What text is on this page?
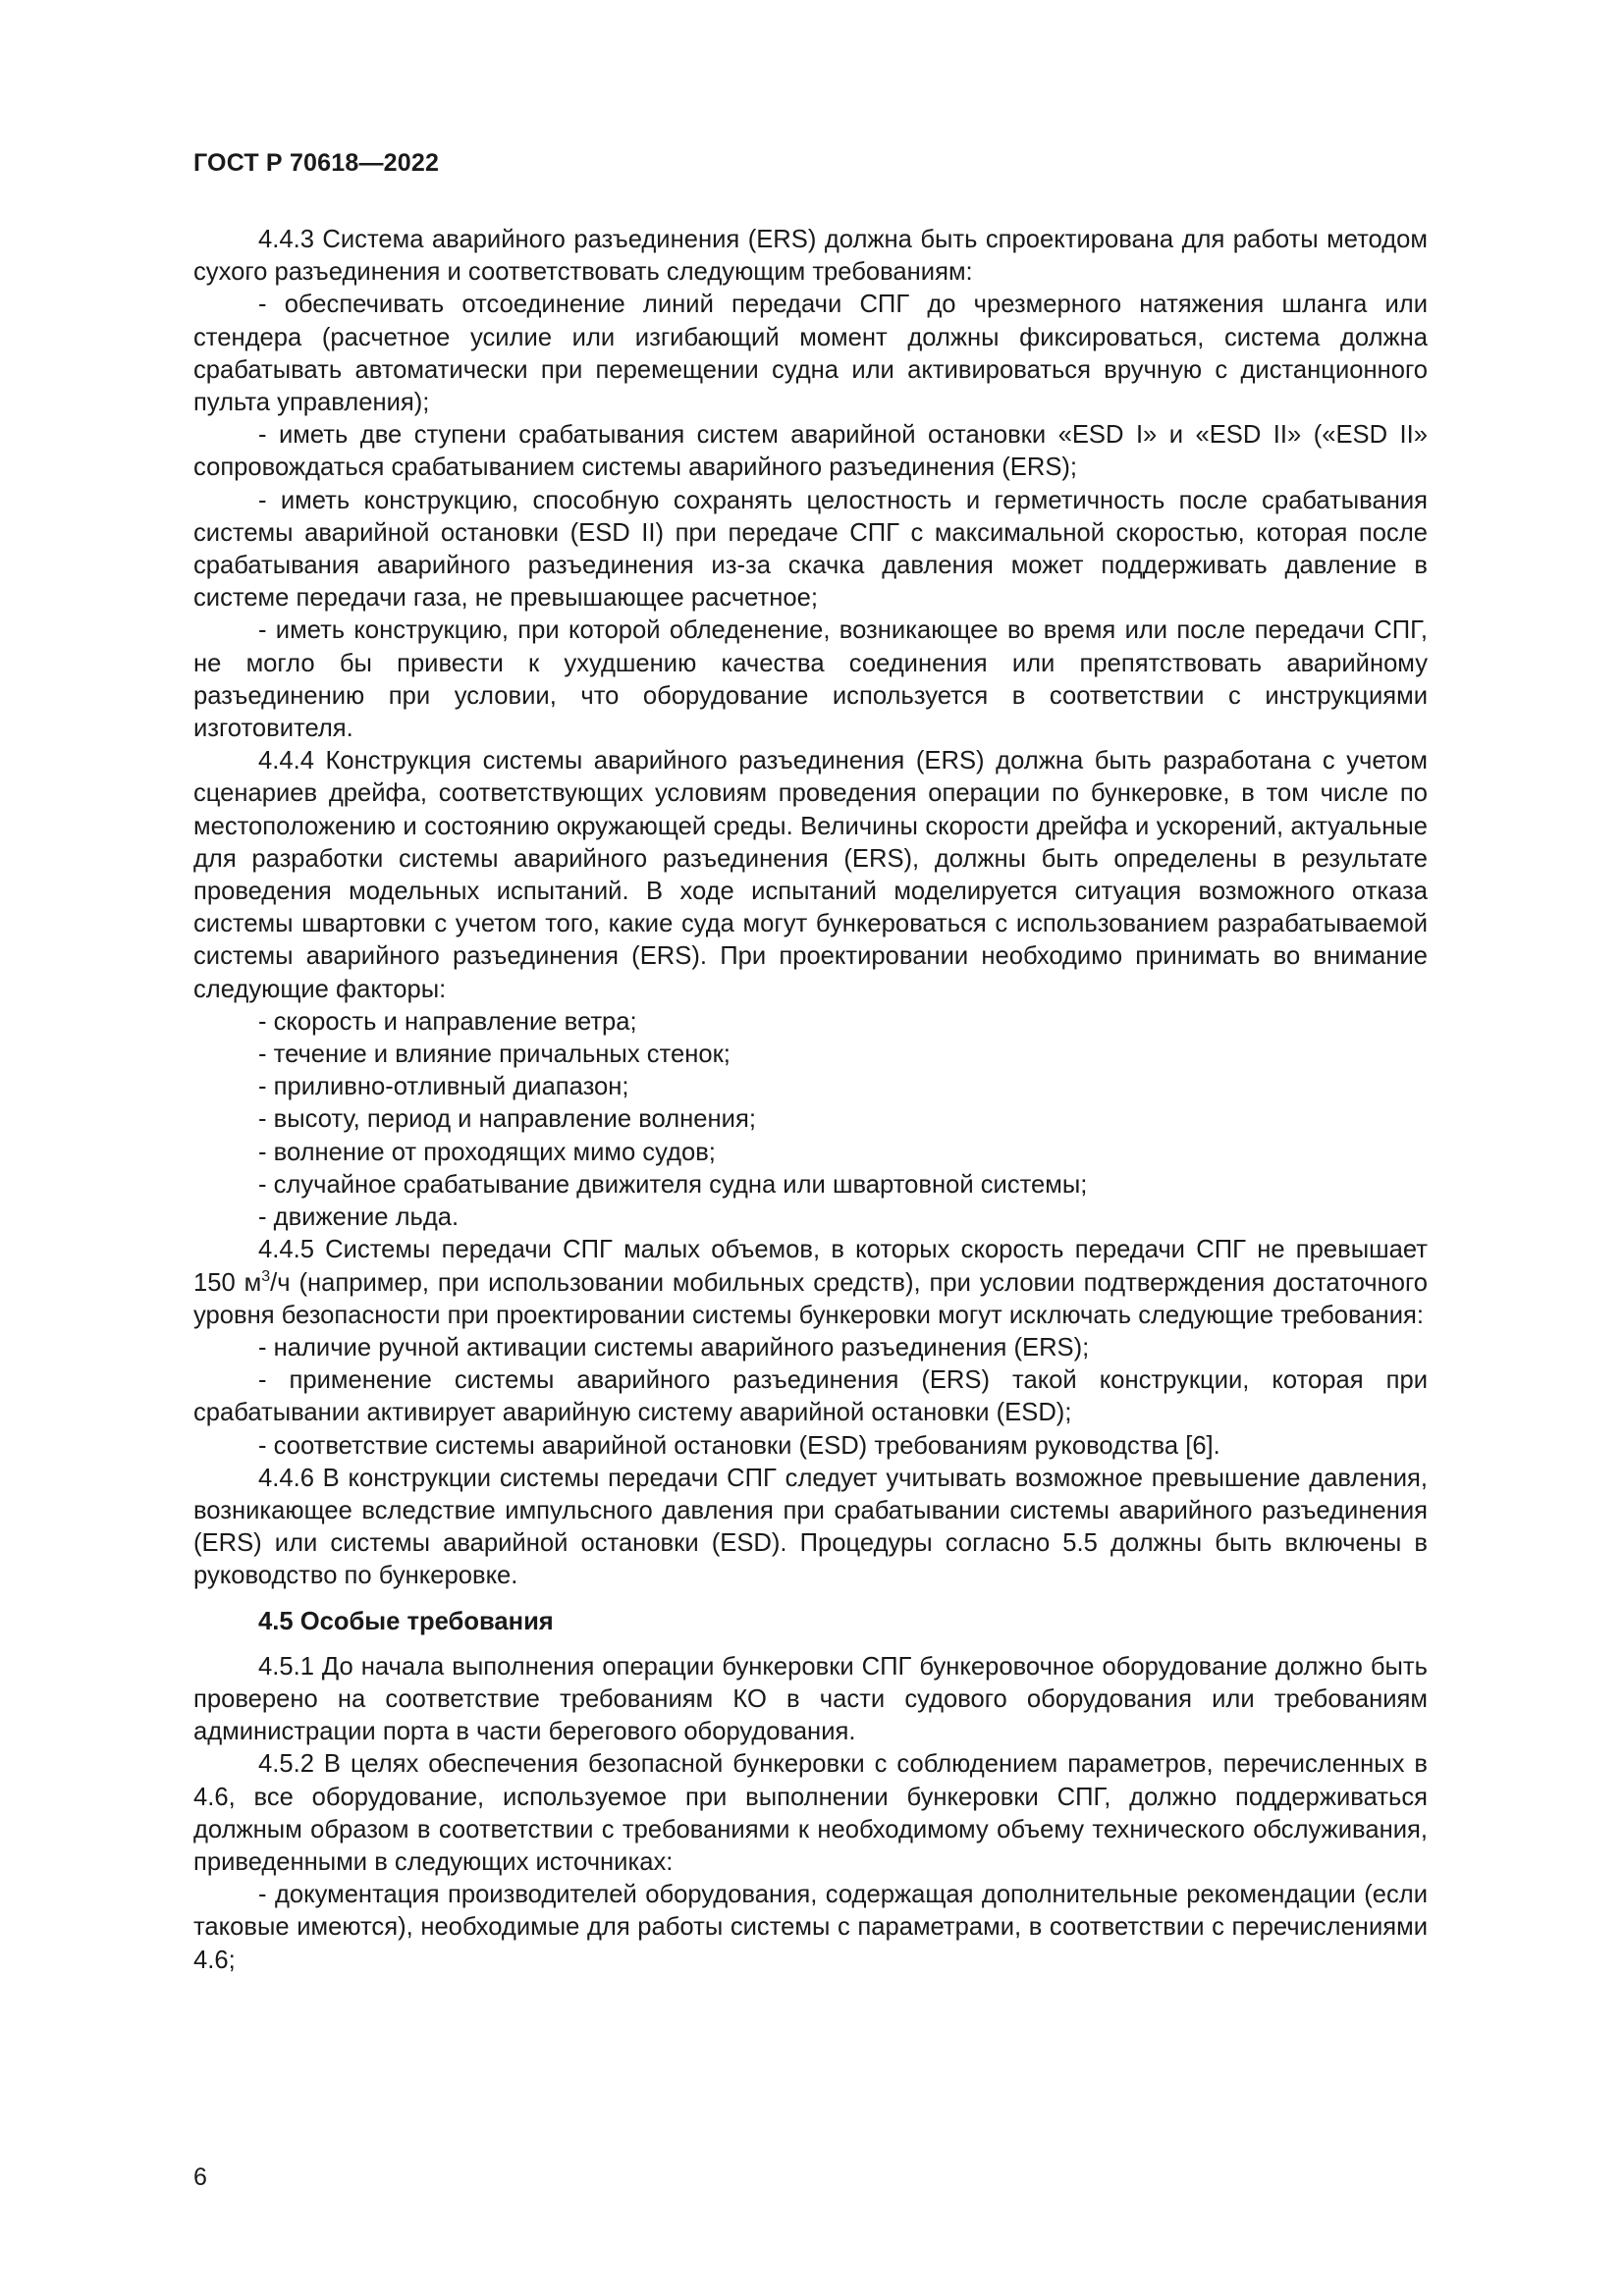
ГОСТ Р 70618—2022

4.4.3 Система аварийного разъединения (ERS) должна быть спроектирована для работы методом сухого разъединения и соответствовать следующим требованиям:

- обеспечивать отсоединение линий передачи СПГ до чрезмерного натяжения шланга или стендера (расчетное усилие или изгибающий момент должны фиксироваться, система должна срабатывать автоматически при перемещении судна или активироваться вручную с дистанционного пульта управления);

- иметь две ступени срабатывания систем аварийной остановки «ESD I» и «ESD II» («ESD II» сопровождаться срабатыванием системы аварийного разъединения (ERS);

- иметь конструкцию, способную сохранять целостность и герметичность после срабатывания системы аварийной остановки (ESD II) при передаче СПГ с максимальной скоростью, которая после срабатывания аварийного разъединения из-за скачка давления может поддерживать давление в системе передачи газа, не превышающее расчетное;

- иметь конструкцию, при которой обледенение, возникающее во время или после передачи СПГ, не могло бы привести к ухудшению качества соединения или препятствовать аварийному разъединению при условии, что оборудование используется в соответствии с инструкциями изготовителя.

4.4.4 Конструкция системы аварийного разъединения (ERS) должна быть разработана с учетом сценариев дрейфа, соответствующих условиям проведения операции по бункеровке, в том числе по местоположению и состоянию окружающей среды. Величины скорости дрейфа и ускорений, актуальные для разработки системы аварийного разъединения (ERS), должны быть определены в результате проведения модельных испытаний. В ходе испытаний моделируется ситуация возможного отказа системы швартовки с учетом того, какие суда могут бункероваться с использованием разрабатываемой системы аварийного разъединения (ERS). При проектировании необходимо принимать во внимание следующие факторы:

- скорость и направление ветра;

- течение и влияние причальных стенок;

- приливно-отливный диапазон;

- высоту, период и направление волнения;

- волнение от проходящих мимо судов;

- случайное срабатывание движителя судна или швартовной системы;

- движение льда.

4.4.5 Системы передачи СПГ малых объемов, в которых скорость передачи СПГ не превышает 150 $м^3/ч$ (например, при использовании мобильных средств), при условии подтверждения достаточного уровня безопасности при проектировании системы бункеровки могут исключать следующие требования:

- наличие ручной активации системы аварийного разъединения (ERS);

- применение системы аварийного разъединения (ERS) такой конструкции, которая при срабатывании активирует аварийную систему аварийной остановки (ESD);

- соответствие системы аварийной остановки (ESD) требованиям руководства [6].

4.4.6 В конструкции системы передачи СПГ следует учитывать возможное превышение давления, возникающее вследствие импульсного давления при срабатывании системы аварийного разъединения (ERS) или системы аварийной остановки (ESD). Процедуры согласно 5.5 должны быть включены в руководство по бункеровке.

4.5 Особые требования

4.5.1 До начала выполнения операции бункеровки СПГ бункеровочное оборудование должно быть проверено на соответствие требованиям КО в части судового оборудования или требованиям администрации порта в части берегового оборудования.

4.5.2 В целях обеспечения безопасной бункеровки с соблюдением параметров, перечисленных в 4.6, все оборудование, используемое при выполнении бункеровки СПГ, должно поддерживаться должным образом в соответствии с требованиями к необходимому объему технического обслуживания, приведенными в следующих источниках:

- документация производителей оборудования, содержащая дополнительные рекомендации (если таковые имеются), необходимые для работы системы с параметрами, в соответствии с перечислениями 4.6;

6
